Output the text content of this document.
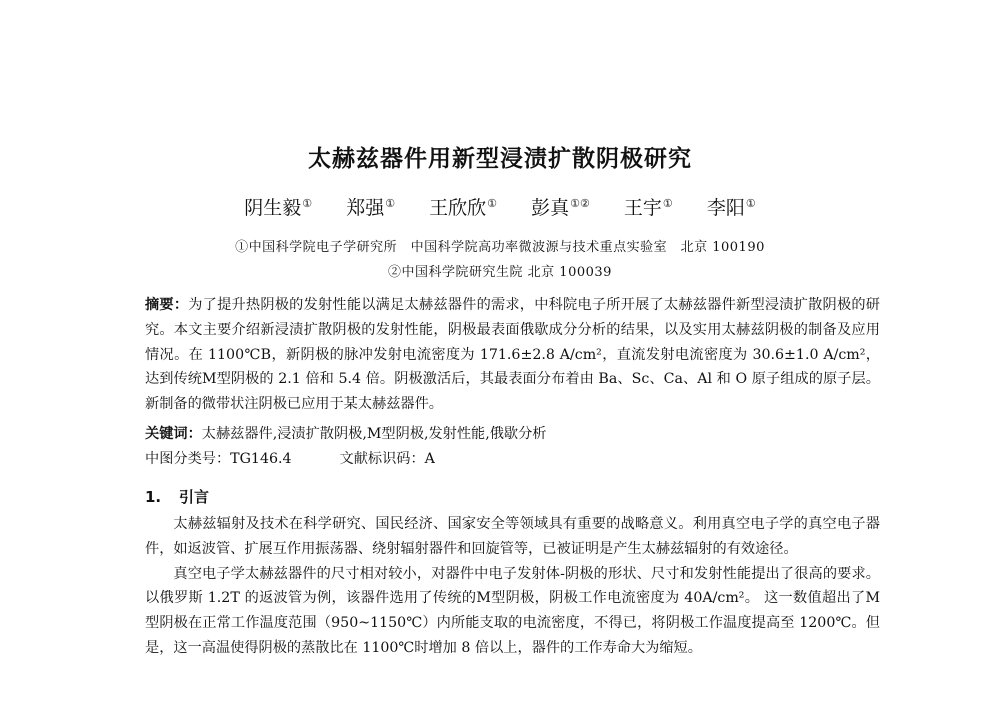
太赫兹器件用新型浸渍扩散阴极研究
阴生毅① 郑强① 王欣欣① 彭真①② 王宇① 李阳①
①中国科学院电子学研究所　中国科学院高功率微波源与技术重点实验室　北京 100190
②中国科学院研究生院 北京 100039
摘要：为了提升热阴极的发射性能以满足太赫兹器件的需求，中科院电子所开展了太赫兹器件新型浸渍扩散阴极的研究。本文主要介绍新浸渍扩散阴极的发射性能，阴极最表面俄歇成分分析的结果，以及实用太赫兹阴极的制备及应用情况。在 1100℃B，新阴极的脉冲发射电流密度为 171.6±2.8 A/cm²，直流发射电流密度为 30.6±1.0 A/cm²，达到传统M型阴极的 2.1 倍和 5.4 倍。阴极激活后，其最表面分布着由 Ba、Sc、Ca、Al 和 O 原子组成的原子层。新制备的微带状注阴极已应用于某太赫兹器件。
关键词：太赫兹器件,浸渍扩散阴极,M型阴极,发射性能,俄歇分析
中图分类号：TG146.4	文献标识码：A
1. 引言

太赫兹辐射及技术在科学研究、国民经济、国家安全等领域具有重要的战略意义。利用真空电子学的真空电子器件，如返波管、扩展互作用振荡器、绕射辐射器件和回旋管等，已被证明是产生太赫兹辐射的有效途径。

真空电子学太赫兹器件的尺寸相对较小，对器件中电子发射体-阴极的形状、尺寸和发射性能提出了很高的要求。以俄罗斯 1.2T 的返波管为例，该器件选用了传统的M型阴极，阴极工作电流密度为 40A/cm²。 这一数值超出了M型阴极在正常工作温度范围（950~1150℃）内所能支取的电流密度，不得已，将阴极工作温度提高至 1200℃。但是，这一高温使得阴极的蒸散比在 1100℃时增加 8 倍以上，器件的工作寿命大为缩短。
